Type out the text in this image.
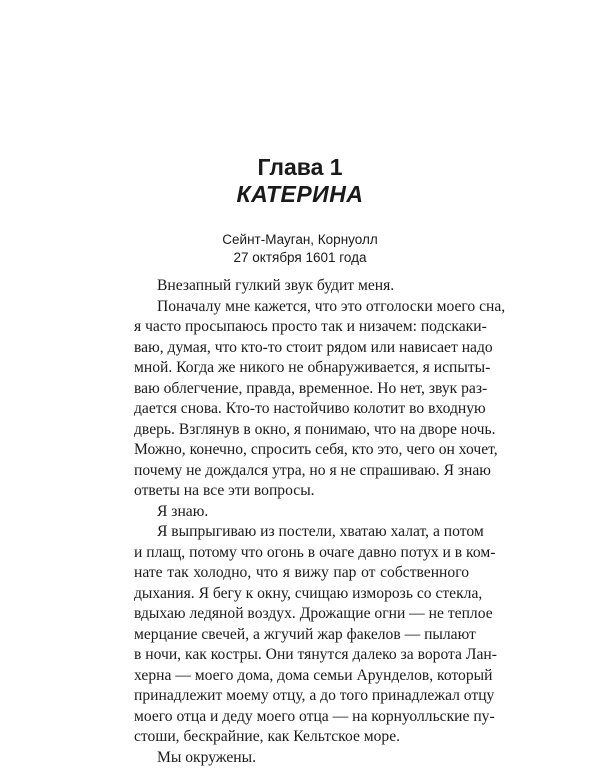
Глава 1
КАТЕРИНА
Сейнт-Мауган, Корнуолл
27 октября 1601 года
Внезапный гулкий звук будит меня.
Поначалу мне кажется, что это отголоски моего сна,
я часто просыпаюсь просто так и низачем: подскаки-
ваю, думая, что кто-то стоит рядом или нависает надо
мной. Когда же никого не обнаруживается, я испыты-
ваю облегчение, правда, временное. Но нет, звук раз-
дается снова. Кто-то настойчиво колотит во входную
дверь. Взглянув в окно, я понимаю, что на дворе ночь.
Можно, конечно, спросить себя, кто это, чего он хочет,
почему не дождался утра, но я не спрашиваю. Я знаю
ответы на все эти вопросы.
Я знаю.
Я выпрыгиваю из постели, хватаю халат, а потом
и плащ, потому что огонь в очаге давно потух и в ком-
нате так холодно, что я вижу пар от собственного
дыхания. Я бегу к окну, счищаю изморозь со стекла,
вдыхаю ледяной воздух. Дрожащие огни — не теплое
мерцание свечей, а жгучий жар факелов — пылают
в ночи, как костры. Они тянутся далеко за ворота Лан-
херна — моего дома, дома семьи Арунделов, который
принадлежит моему отцу, а до того принадлежал отцу
моего отца и деду моего отца — на корнуолльские пу-
стоши, бескрайние, как Кельтское море.
Мы окружены.
